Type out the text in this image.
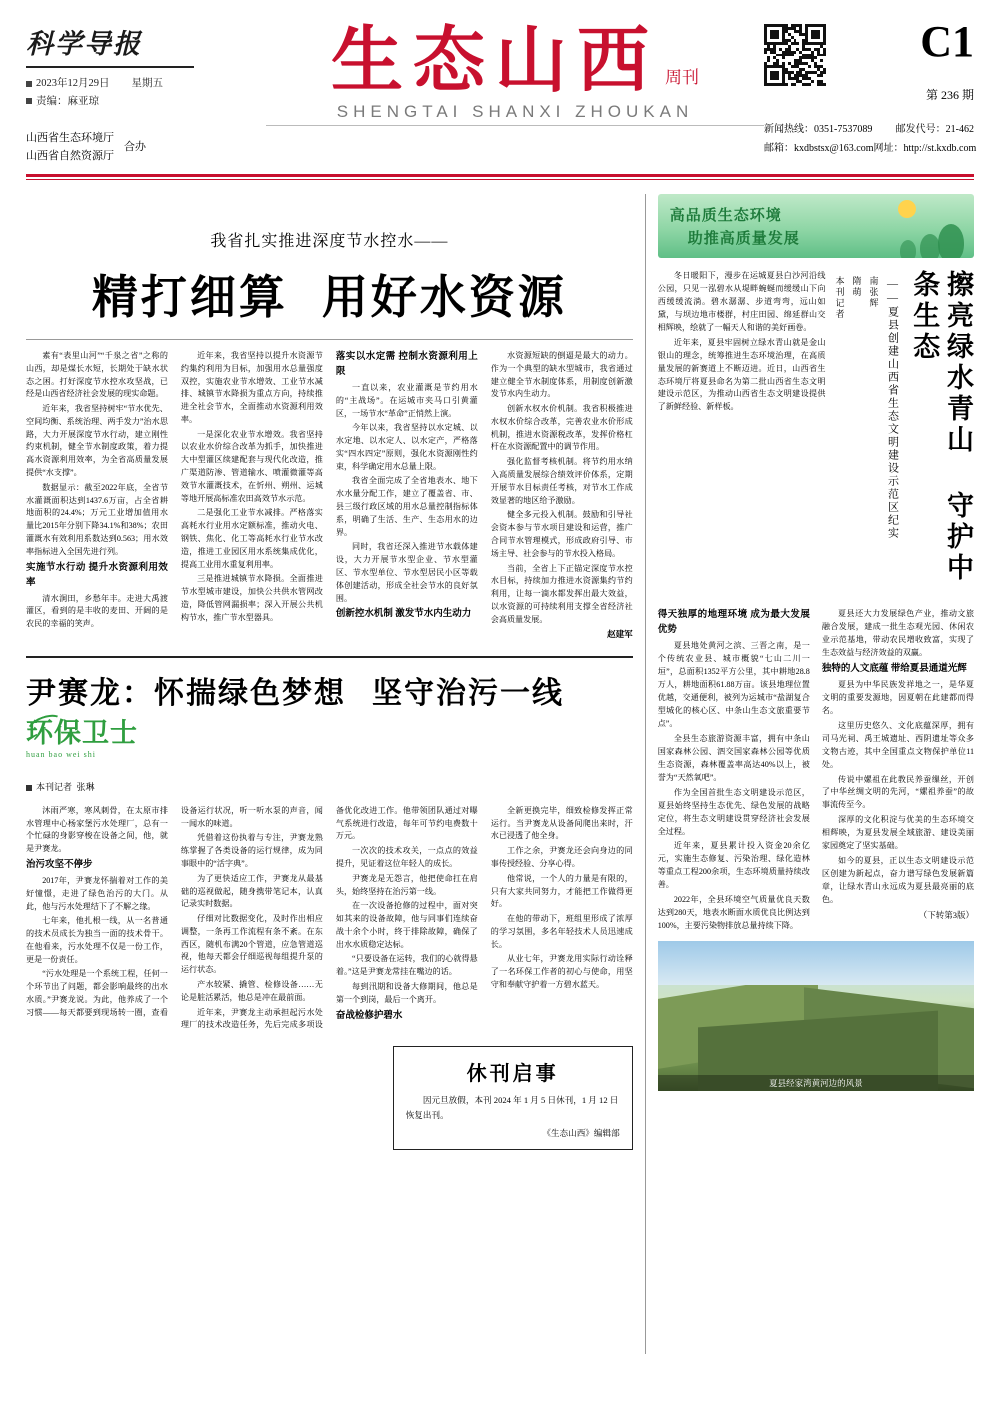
科学导报
2023年12月29日 星期五
责编：麻亚琼
山西省生态环境厅
山西省自然资源厅
合办
生态山西 周刊
SHENGTAI SHANXI ZHOUKAN
C1
第 236 期
新闻热线：0351-7537089 邮发代号：21-462
邮箱：kxdbstsx@163.com 网址：http://st.kxdb.com
我省扎实推进深度节水控水——
精打细算 用好水资源

素有“表里山河”“千泉之省”之称的山西，却是煤长水短，长期处于缺水状态之困。打好深度节水控水攻坚战，已经是山西省经济社会发展的现实命题。

近年来，我省坚持树牢“节水优先、空间均衡、系统治理、两手发力”治水思路，大力开展深度节水行动，建立刚性约束机制，健全节水制度政策，着力提高水资源利用效率，为全省高质量发展提供“水支撑”。

数据显示：截至2022年底，全省节水灌溉面积达到1437.6万亩，占全省耕地面积的24.4%；万元工业增加值用水量比2015年分别下降34.1%和38%；农田灌溉水有效利用系数达到0.563；用水效率指标进入全国先进行列。

实施节水行动 提升水资源利用效率

清水涧田，乡愁年丰。走进大禹渡灌区，看到的是丰收的麦田、开阔的是农民的幸福的笑声。

近年来，我省坚持以提升水资源节约集约利用为目标，加强用水总量强度双控，实施农业节水增效、工业节水减排、城镇节水降损为重点方向，持续推进全社会节水，全面推动水资源利用效率。

一是深化农业节水增效。我省坚持以农业水价综合改革为抓手，加快推进大中型灌区续建配套与现代化改造，推广渠道防渗、管道输水、喷灌微灌等高效节水灌溉技术，在忻州、朔州、运城等地开展高标准农田高效节水示范。

二是强化工业节水减排。严格落实高耗水行业用水定额标准，推动火电、钢铁、焦化、化工等高耗水行业节水改造，推进工业园区用水系统集成优化，提高工业用水重复利用率。

三是推进城镇节水降损。全面推进节水型城市建设，加快公共供水管网改造，降低管网漏损率；深入开展公共机构节水，推广节水型器具。

落实以水定需 控制水资源利用上限

一直以来，农业灌溉是节约用水的“主战场”。在运城市夹马口引黄灌区，一场节水“革命”正悄然上演。

今年以来，我省坚持以水定城、以水定地、以水定人、以水定产，严格落实“四水四定”原则，强化水资源刚性约束，科学确定用水总量上限。

我省全面完成了全省地表水、地下水水量分配工作，建立了覆盖省、市、县三级行政区域的用水总量控制指标体系，明确了生活、生产、生态用水的边界。

同时，我省还深入推进节水载体建设，大力开展节水型企业、节水型灌区、节水型单位、节水型居民小区等载体创建活动，形成全社会节水的良好氛围。

创新控水机制 激发节水内生动力

水资源短缺的倒逼是最大的动力。作为一个典型的缺水型城市，我省通过建立健全节水制度体系，用制度创新激发节水内生动力。

创新水权水价机制。我省积极推进水权水价综合改革，完善农业水价形成机制，推进水资源税改革，发挥价格杠杆在水资源配置中的调节作用。

强化监督考核机制。将节约用水纳入高质量发展综合绩效评价体系，定期开展节水目标责任考核，对节水工作成效显著的地区给予激励。

健全多元投入机制。鼓励和引导社会资本参与节水项目建设和运营，推广合同节水管理模式，形成政府引导、市场主导、社会参与的节水投入格局。

当前，全省上下正锚定深度节水控水目标，持续加力推进水资源集约节约利用，让每一滴水都发挥出最大效益，以水资源的可持续利用支撑全省经济社会高质量发展。

赵建军

尹赛龙：怀揣绿色梦想 坚守治污一线
环保卫士
huan bao wei shi
本刊记者 张琳

沐雨严寒，寒风刺骨，在太原市排水管理中心杨家堡污水处理厂，总有一个忙碌的身影穿梭在设备之间，他，就是尹赛龙。

治污攻坚不停步

2017年，尹赛龙怀揣着对工作的美好憧憬，走进了绿色治污的大门。从此，他与污水处理结下了不解之缘。

七年来，他扎根一线，从一名普通的技术员成长为独当一面的技术骨干。在他看来，污水处理不仅是一份工作，更是一份责任。

“污水处理是一个系统工程，任何一个环节出了问题，都会影响最终的出水水质。”尹赛龙说。为此，他养成了一个习惯——每天都要到现场转一圈，查看设备运行状况，听一听水泵的声音，闻一闻水的味道。

凭借着这份执着与专注，尹赛龙熟练掌握了各类设备的运行规律，成为同事眼中的“活字典”。

为了更快适应工作，尹赛龙从最基础的巡视做起，随身携带笔记本，认真记录实时数据。

仔细对比数据变化，及时作出相应调整，一条再工作流程有条不紊。在东西区，随机布满20个管道，应急管道巡视，他每天都会仔细巡视每组提升泵的运行状态。

产水较紧、撬管、检修设备……无论是脏活累活，他总是冲在最前面。

近年来，尹赛龙主动承担起污水处理厂的技术改造任务，先后完成多项设备优化改进工作。他带领团队通过对曝气系统进行改造，每年可节约电费数十万元。

一次次的技术攻关，一点点的效益提升，见证着这位年轻人的成长。

尹赛龙是无怨言，他把使命扛在肩头，始终坚持在治污第一线。

在一次设备抢修的过程中，面对突如其来的设备故障，他与同事们连续奋战十余个小时，终于排除故障，确保了出水水质稳定达标。

“只要设备在运转，我们的心就得悬着。”这是尹赛龙常挂在嘴边的话。

每到汛期和设备大修期间，他总是第一个到岗，最后一个离开。

奋战检修护碧水

全新更换完毕，细致检修发挥正常运行。当尹赛龙从设备间爬出来时，汗水已浸透了他全身。

工作之余，尹赛龙还会向身边的同事传授经验、分享心得。

他常说，一个人的力量是有限的，只有大家共同努力，才能把工作做得更好。

在他的带动下，班组里形成了浓厚的学习氛围，多名年轻技术人员迅速成长。

从业七年，尹赛龙用实际行动诠释了一名环保工作者的初心与使命，用坚守和奉献守护着一方碧水蓝天。

休刊启事
因元旦放假，本刊 2024 年 1 月 5 日休刊，1 月 12 日恢复出刊。
《生态山西》编辑部
高品质生态环境
助推高质量发展

冬日暖阳下，漫步在运城夏县白沙河沿线公园，只见一泓碧水从堤畔蜿蜒而缓缓山下向西缓缓流淌。碧水潺潺、步道弯弯，远山如黛，与坝边地市楼群，村庄田园、绵延群山交相辉映，绘就了一幅天人和谐的美好画卷。

近年来，夏县牢固树立绿水青山就是金山银山的理念，统筹推进生态环境治理，在高质量发展的新赛道上不断迈进。近日，山西省生态环境厅将夏县命名为第二批山西省生态文明建设示范区，为推动山西省生态文明建设提供了新鲜经验、新样板。

本刊记者 隋萌 南张辉 ——夏县创建山西省生态文明建设示范区纪实	擦亮绿水青山 守护中条生态

得天独厚的地理环境 成为最大发展优势

夏县地处黄河之滨、三晋之南，是一个传统农业县、城市概貌“七山二川一垣”，总面积1352平方公里，其中耕地28.8万人，耕地面积61.88万亩。该县地理位置优越，交通便利，被列为运城市“盐湖复合型城化的核心区、中条山生态文旅重要节点”。

全县生态旅游资源丰富，拥有中条山国家森林公园、泗交国家森林公园等优质生态资源，森林覆盖率高达40%以上，被誉为“天然氧吧”。

作为全国首批生态文明建设示范区，夏县始终坚持生态优先、绿色发展的战略定位，将生态文明建设贯穿经济社会发展全过程。

近年来，夏县累计投入资金20余亿元，实施生态修复、污染治理、绿化造林等重点工程200余项，生态环境质量持续改善。

2022年，全县环境空气质量优良天数达到280天，地表水断面水质优良比例达到100%，主要污染物排放总量持续下降。

夏县还大力发展绿色产业，推动文旅融合发展，建成一批生态观光园、休闲农业示范基地，带动农民增收致富，实现了生态效益与经济效益的双赢。

独特的人文底蕴 带给夏县通道光辉

夏县为中华民族发祥地之一，是华夏文明的重要发源地，因夏朝在此建都而得名。

这里历史悠久、文化底蕴深厚，拥有司马光祠、禹王城遗址、西阴遗址等众多文物古迹，其中全国重点文物保护单位11处。

传说中嫘祖在此教民养蚕缫丝，开创了中华丝绸文明的先河，“嫘祖养蚕”的故事流传至今。

深厚的文化积淀与优美的生态环境交相辉映，为夏县发展全域旅游、建设美丽家园奠定了坚实基础。

如今的夏县，正以生态文明建设示范区创建为新起点，奋力谱写绿色发展新篇章，让绿水青山永远成为夏县最亮丽的底色。

（下转第3版）

夏县经家湾黄河边的风景
